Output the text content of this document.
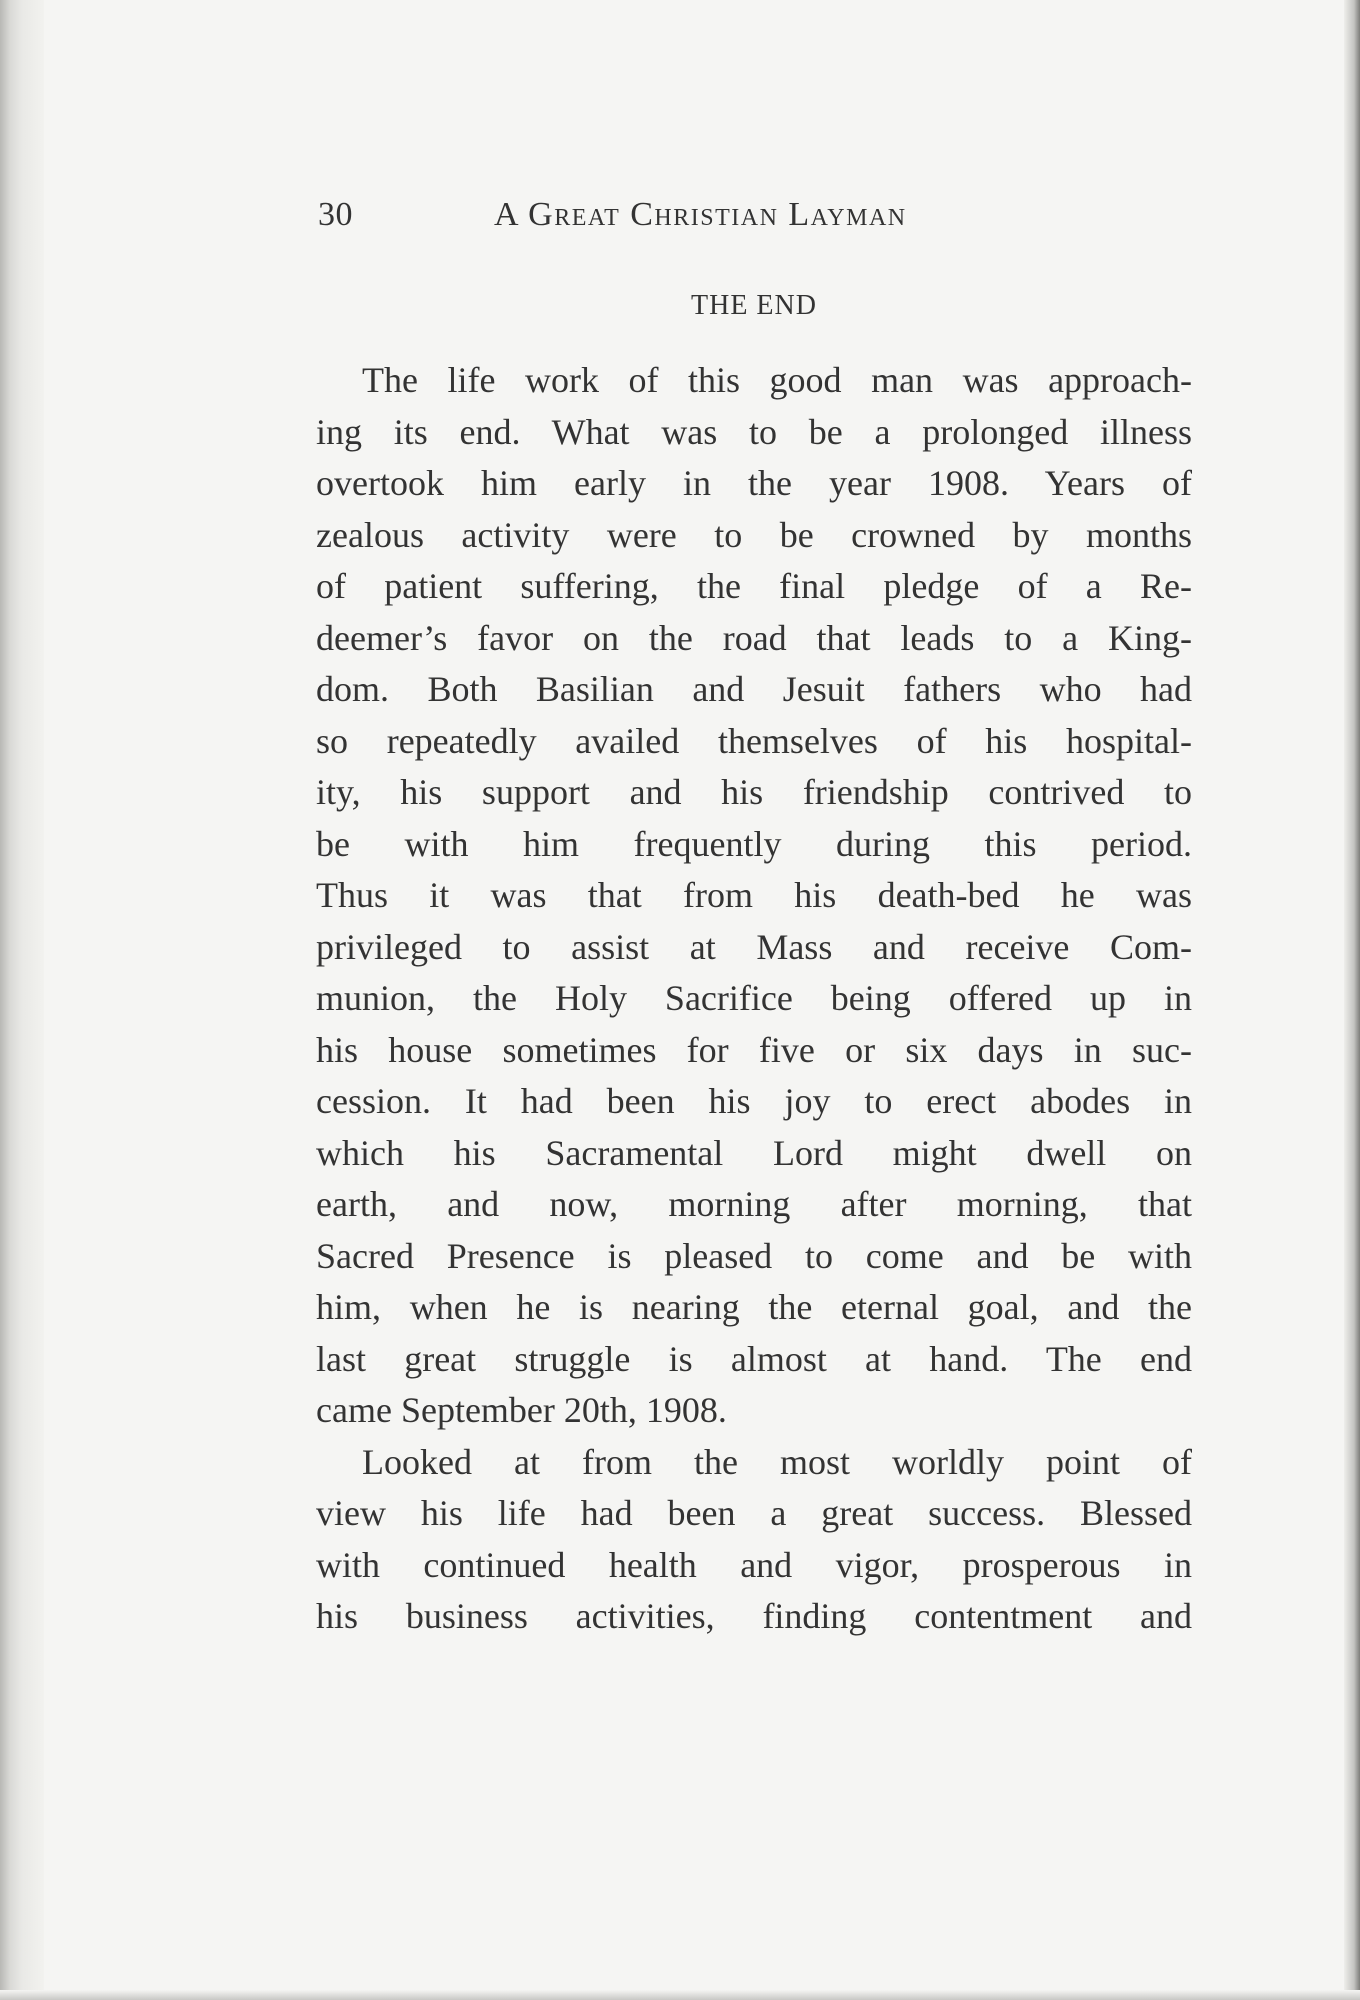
30	A Great Christian Layman
THE END
The life work of this good man was approach-
ing its end. What was to be a prolonged illness
overtook him early in the year 1908. Years of
zealous activity were to be crowned by months
of patient suffering, the final pledge of a Re-
deemer’s favor on the road that leads to a King-
dom. Both Basilian and Jesuit fathers who had
so repeatedly availed themselves of his hospital-
ity, his support and his friendship contrived to
be with him frequently during this period.
Thus it was that from his death-bed he was
privileged to assist at Mass and receive Com-
munion, the Holy Sacrifice being offered up in
his house sometimes for five or six days in suc-
cession. It had been his joy to erect abodes in
which his Sacramental Lord might dwell on
earth, and now, morning after morning, that
Sacred Presence is pleased to come and be with
him, when he is nearing the eternal goal, and the
last great struggle is almost at hand. The end
came September 20th, 1908.
Looked at from the most worldly point of
view his life had been a great success. Blessed
with continued health and vigor, prosperous in
his business activities, finding contentment and
